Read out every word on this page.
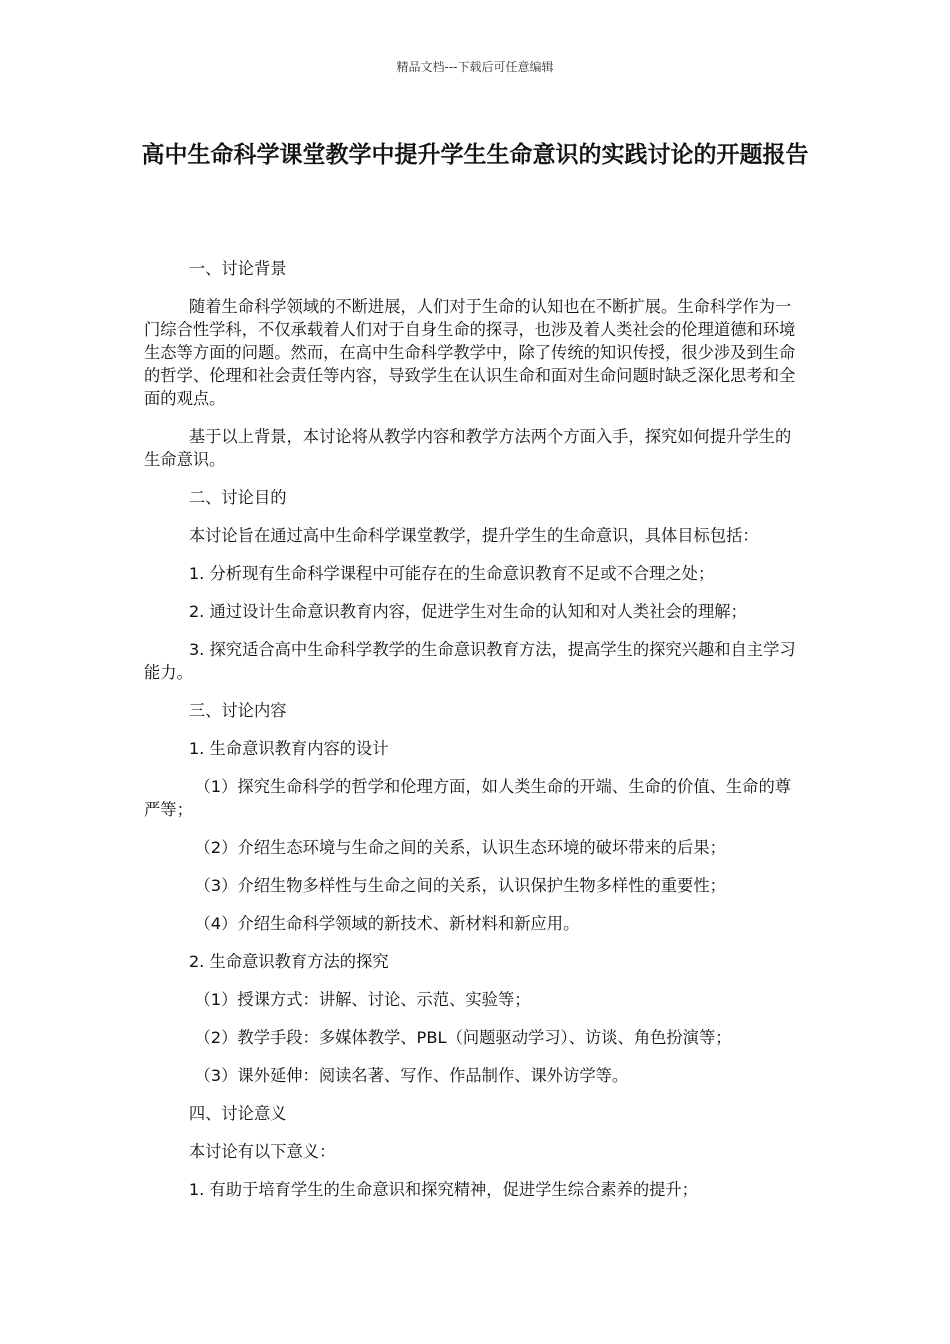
精品文档---下载后可任意编辑
高中生命科学课堂教学中提升学生生命意识的实践讨论的开题报告

一、讨论背景

随着生命科学领域的不断进展，人们对于生命的认知也在不断扩展。生命科学作为一门综合性学科，不仅承载着人们对于自身生命的探寻，也涉及着人类社会的伦理道德和环境生态等方面的问题。然而，在高中生命科学教学中，除了传统的知识传授，很少涉及到生命的哲学、伦理和社会责任等内容，导致学生在认识生命和面对生命问题时缺乏深化思考和全面的观点。

基于以上背景，本讨论将从教学内容和教学方法两个方面入手，探究如何提升学生的生命意识。

二、讨论目的

本讨论旨在通过高中生命科学课堂教学，提升学生的生命意识，具体目标包括：

1. 分析现有生命科学课程中可能存在的生命意识教育不足或不合理之处；

2. 通过设计生命意识教育内容，促进学生对生命的认知和对人类社会的理解；

3. 探究适合高中生命科学教学的生命意识教育方法，提高学生的探究兴趣和自主学习能力。

三、讨论内容

1. 生命意识教育内容的设计

（1）探究生命科学的哲学和伦理方面，如人类生命的开端、生命的价值、生命的尊严等；

（2）介绍生态环境与生命之间的关系，认识生态环境的破坏带来的后果；

（3）介绍生物多样性与生命之间的关系，认识保护生物多样性的重要性；

（4）介绍生命科学领域的新技术、新材料和新应用。

2. 生命意识教育方法的探究

（1）授课方式：讲解、讨论、示范、实验等；

（2）教学手段：多媒体教学、PBL（问题驱动学习）、访谈、角色扮演等；

（3）课外延伸：阅读名著、写作、作品制作、课外访学等。

四、讨论意义

本讨论有以下意义：

1. 有助于培育学生的生命意识和探究精神，促进学生综合素养的提升；
